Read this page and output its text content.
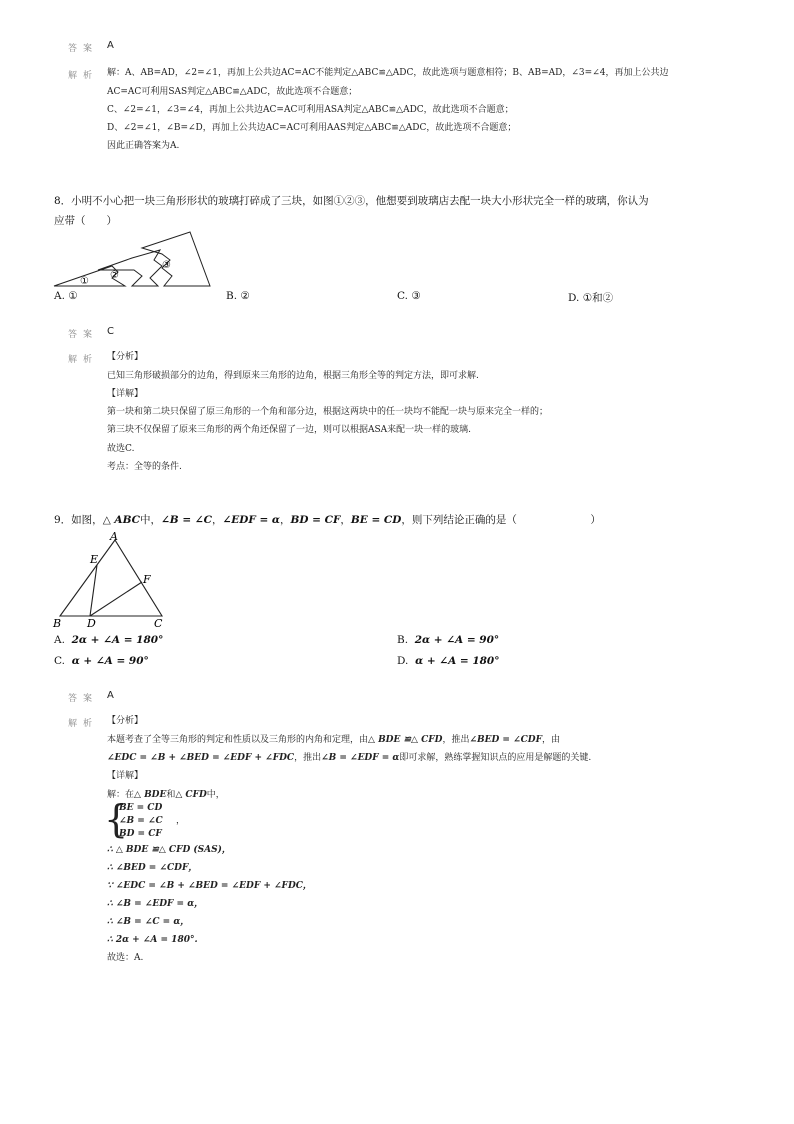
答案 A
解析 解：A、AB=AD，∠2=∠1，再加上公共边AC=AC不能判定△ABC≌△ADC，故此选项与题意相符；B、AB=AD，∠3=∠4，再加上公共边
AC=AC可利用SAS判定△ABC≌△ADC，故此选项不合题意；
C、∠2=∠1，∠3=∠4，再加上公共边AC=AC可利用ASA判定△ABC≌△ADC，故此选项不合题意；
D、∠2=∠1，∠B=∠D，再加上公共边AC=AC可利用AAS判定△ABC≌△ADC，故此选项不合题意；
因此正确答案为A.
8．小明不小心把一块三角形形状的玻璃打碎成了三块，如图①②③，他想要到玻璃店去配一块大小形状完全一样的玻璃，你认为
应带（　　）
①
②
③
A. ①	B. ②	C. ③	D. ①和②
答案 C
解析 【分析】
已知三角形破损部分的边角，得到原来三角形的边角，根据三角形全等的判定方法，即可求解.
【详解】
第一块和第二块只保留了原三角形的一个角和部分边，根据这两块中的任一块均不能配一块与原来完全一样的；
第三块不仅保留了原来三角形的两个角还保留了一边，则可以根据ASA来配一块一样的玻璃.
故选C.
考点：全等的条件.
9．如图，△ ABC中，∠B = ∠C，∠EDF = α，BD = CF，BE = CD，则下列结论正确的是（　　　　　　　）
A
E
F
B D	C
A. 2α + ∠A = 180°	B. 2α + ∠A = 90°
C. α + ∠A = 90°	D. α + ∠A = 180°
答案 A
解析 【分析】
本题考查了全等三角形的判定和性质以及三角形的内角和定理，由△ BDE ≌△ CFD，推出∠BED = ∠CDF，由
∠EDC = ∠B + ∠BED = ∠EDF + ∠FDC，推出∠B = ∠EDF = α即可求解，熟练掌握知识点的应用是解题的关键.
【详解】
解：在△ BDE和△ CFD中，
{
BE = CD
∠B = ∠C ，
BD = CF
∴ △ BDE ≌△ CFD (SAS)，
∴ ∠BED = ∠CDF，
∵ ∠EDC = ∠B + ∠BED = ∠EDF + ∠FDC，
∴ ∠B = ∠EDF = α，
∴ ∠B = ∠C = α，
∴ 2α + ∠A = 180°.
故选：A.
